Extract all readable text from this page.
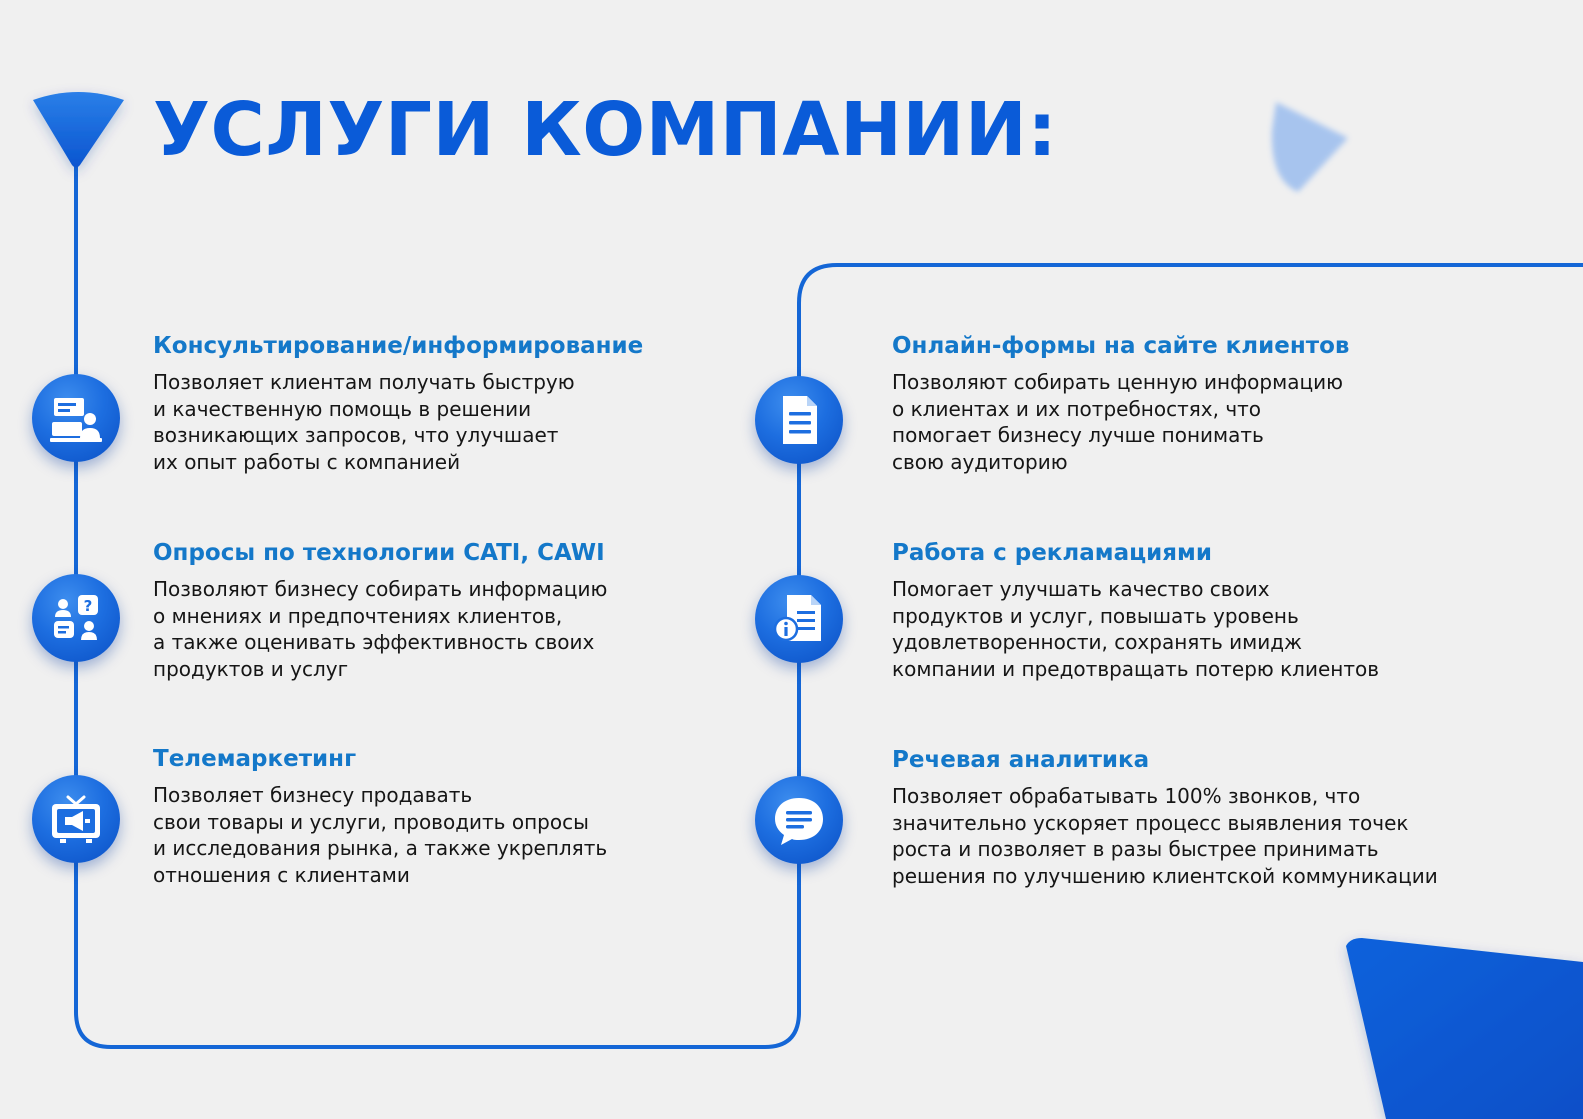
УСЛУГИ КОМПАНИИ:
?
Консультирование/информирование

Позволяет клиентам получать быструю
и качественную помощь в решении
возникающих запросов, что улучшает
их опыт работы с компанией

Опросы по технологии CATI, CAWI

Позволяют бизнесу собирать информацию
о мнениях и предпочтениях клиентов,
а также оценивать эффективность своих
продуктов и услуг

Телемаркетинг

Позволяет бизнесу продавать
свои товары и услуги, проводить опросы
и исследования рынка, а также укреплять
отношения с клиентами

Онлайн-формы на сайте клиентов

Позволяют собирать ценную информацию
о клиентах и их потребностях, что
помогает бизнесу лучше понимать
свою аудиторию

Работа с рекламациями

Помогает улучшать качество своих
продуктов и услуг, повышать уровень
удовлетворенности, сохранять имидж
компании и предотвращать потерю клиентов

Речевая аналитика

Позволяет обрабатывать 100% звонков, что
значительно ускоряет процесс выявления точек
роста и позволяет в разы быстрее принимать
решения по улучшению клиентской коммуникации
